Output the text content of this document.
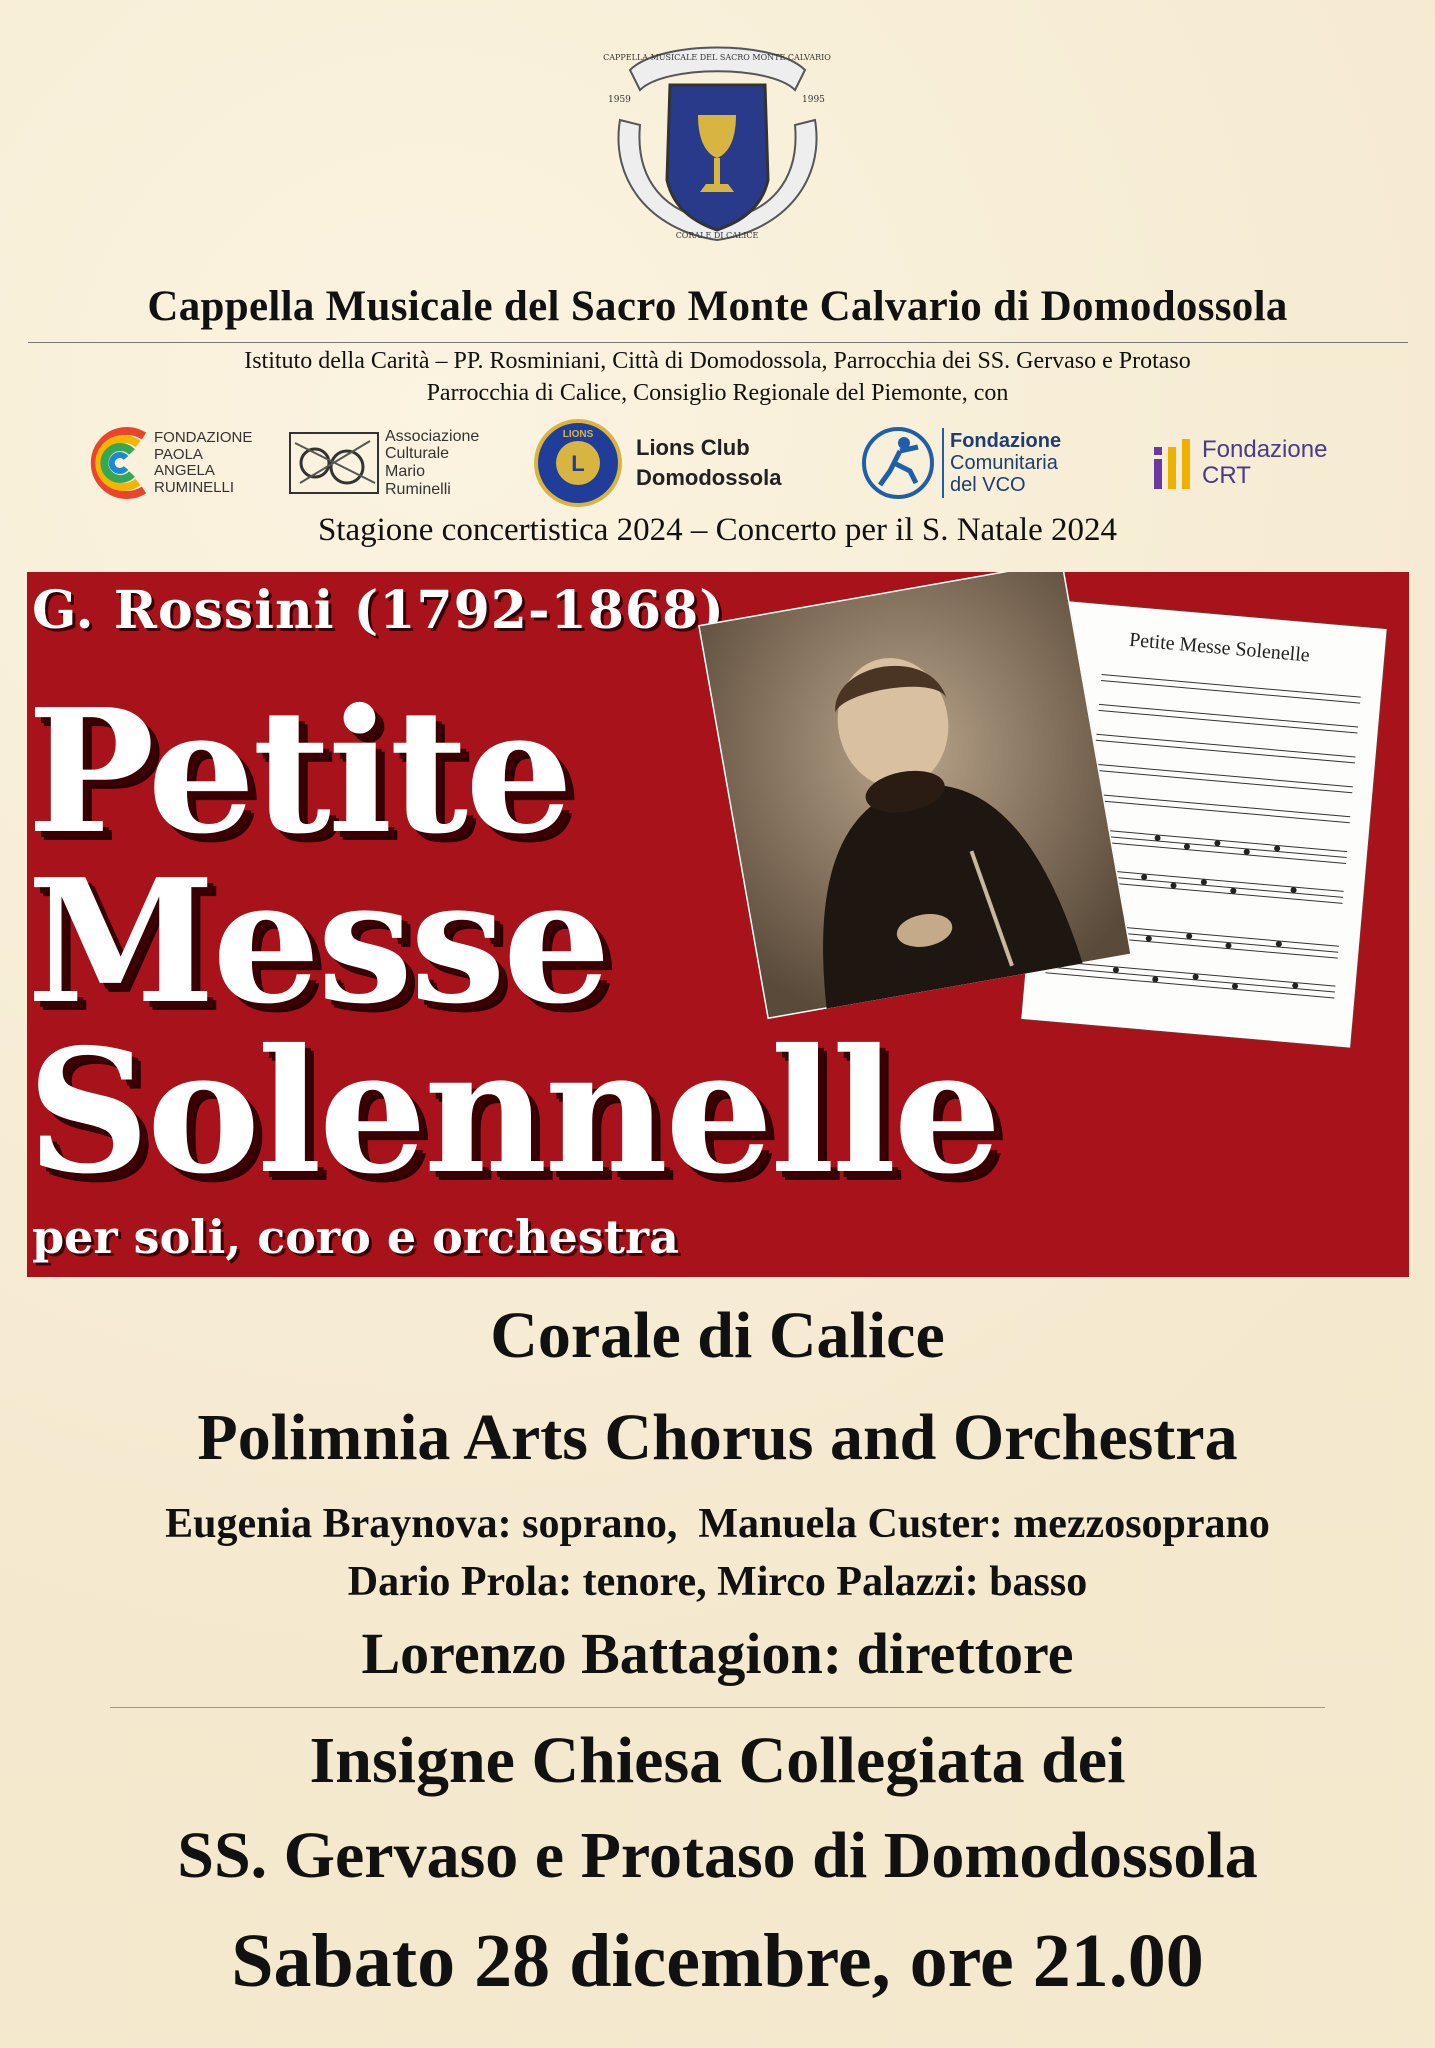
1959	1995
CAPPELLA MUSICALE DEL SACRO MONTE CALVARIO
CORALE DI CALICE
Cappella Musicale del Sacro Monte Calvario di Domodossola
Istituto della Carità – PP. Rosminiani, Città di Domodossola, Parrocchia dei SS. Gervaso e Protaso
Parrocchia di Calice, Consiglio Regionale del Piemonte, con
FONDAZIONE
PAOLA
ANGELA
RUMINELLI
Associazione
Culturale
Mario
Ruminelli
L
LIONS
Lions Club
Domodossola
Fondazione
Comunitaria
del VCO
Fondazione
CRT
Stagione concertistica 2024 – Concerto per il S. Natale 2024
G. Rossini (1792-1868)
Petite Messe Solenelle
Petite
Messe
Solennelle
per soli, coro e orchestra
Corale di Calice
Polimnia Arts Chorus and Orchestra
Eugenia Braynova: soprano,  Manuela Custer: mezzosoprano
Dario Prola: tenore, Mirco Palazzi: basso
Lorenzo Battagion: direttore
Insigne Chiesa Collegiata dei
SS. Gervaso e Protaso di Domodossola
Sabato 28 dicembre, ore 21.00
